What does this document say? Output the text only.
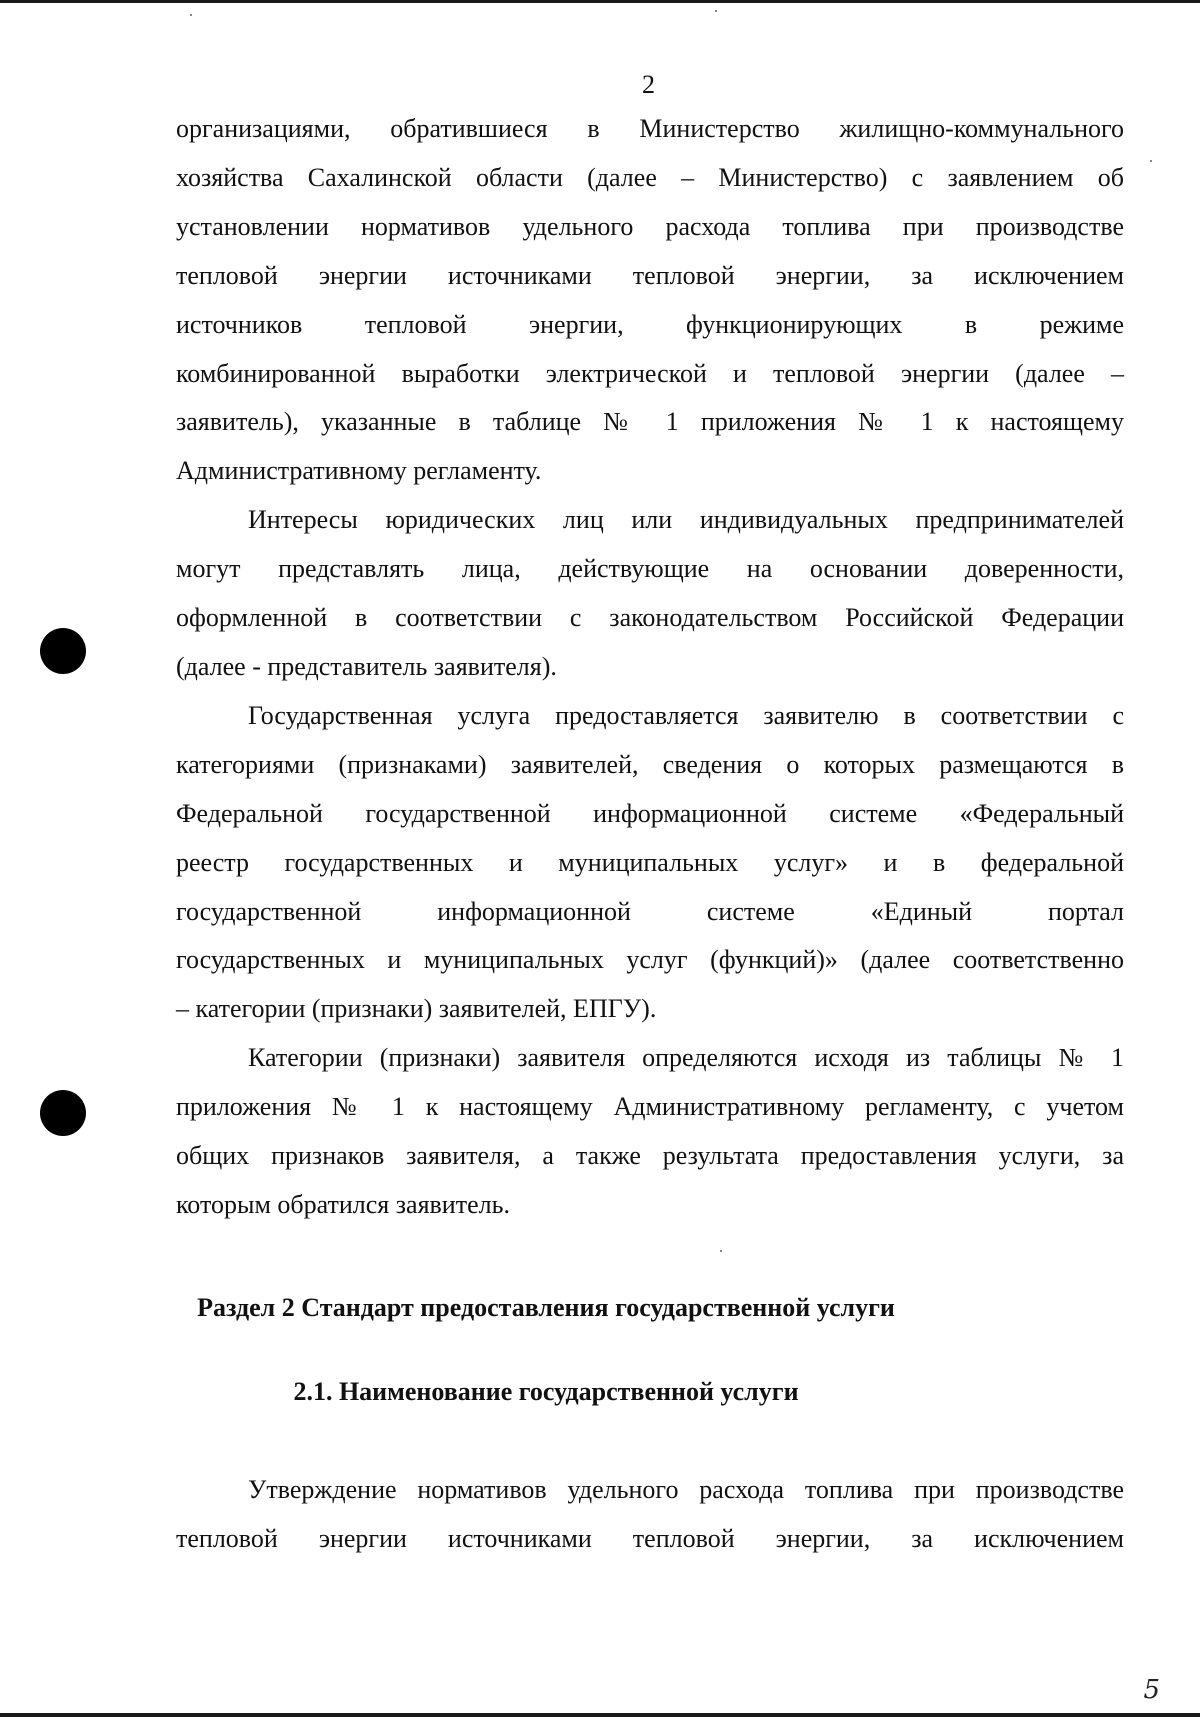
2

организациями, обратившиеся в Министерство жилищно-коммунального

хозяйства Сахалинской области (далее – Министерство) с заявлением об

установлении нормативов удельного расхода топлива при производстве

тепловой энергии источниками тепловой энергии, за исключением

источников тепловой энергии, функционирующих в режиме

комбинированной выработки электрической и тепловой энергии (далее –

заявитель), указанные в таблице № 1 приложения № 1 к настоящему

Административному регламенту.

Интересы юридических лиц или индивидуальных предпринимателей

могут представлять лица, действующие на основании доверенности,

оформленной в соответствии с законодательством Российской Федерации

(далее - представитель заявителя).

Государственная услуга предоставляется заявителю в соответствии с

категориями (признаками) заявителей, сведения о которых размещаются в

Федеральной государственной информационной системе «Федеральный

реестр государственных и муниципальных услуг» и в федеральной

государственной информационной системе «Единый портал

государственных и муниципальных услуг (функций)» (далее соответственно

– категории (признаки) заявителей, ЕПГУ).

Категории (признаки) заявителя определяются исходя из таблицы № 1

приложения № 1 к настоящему Административному регламенту, с учетом

общих признаков заявителя, а также результата предоставления услуги, за

которым обратился заявитель.

Раздел 2 Стандарт предоставления государственной услуги
2.1. Наименование государственной услуги

Утверждение нормативов удельного расхода топлива при производстве

тепловой энергии источниками тепловой энергии, за исключением

5
